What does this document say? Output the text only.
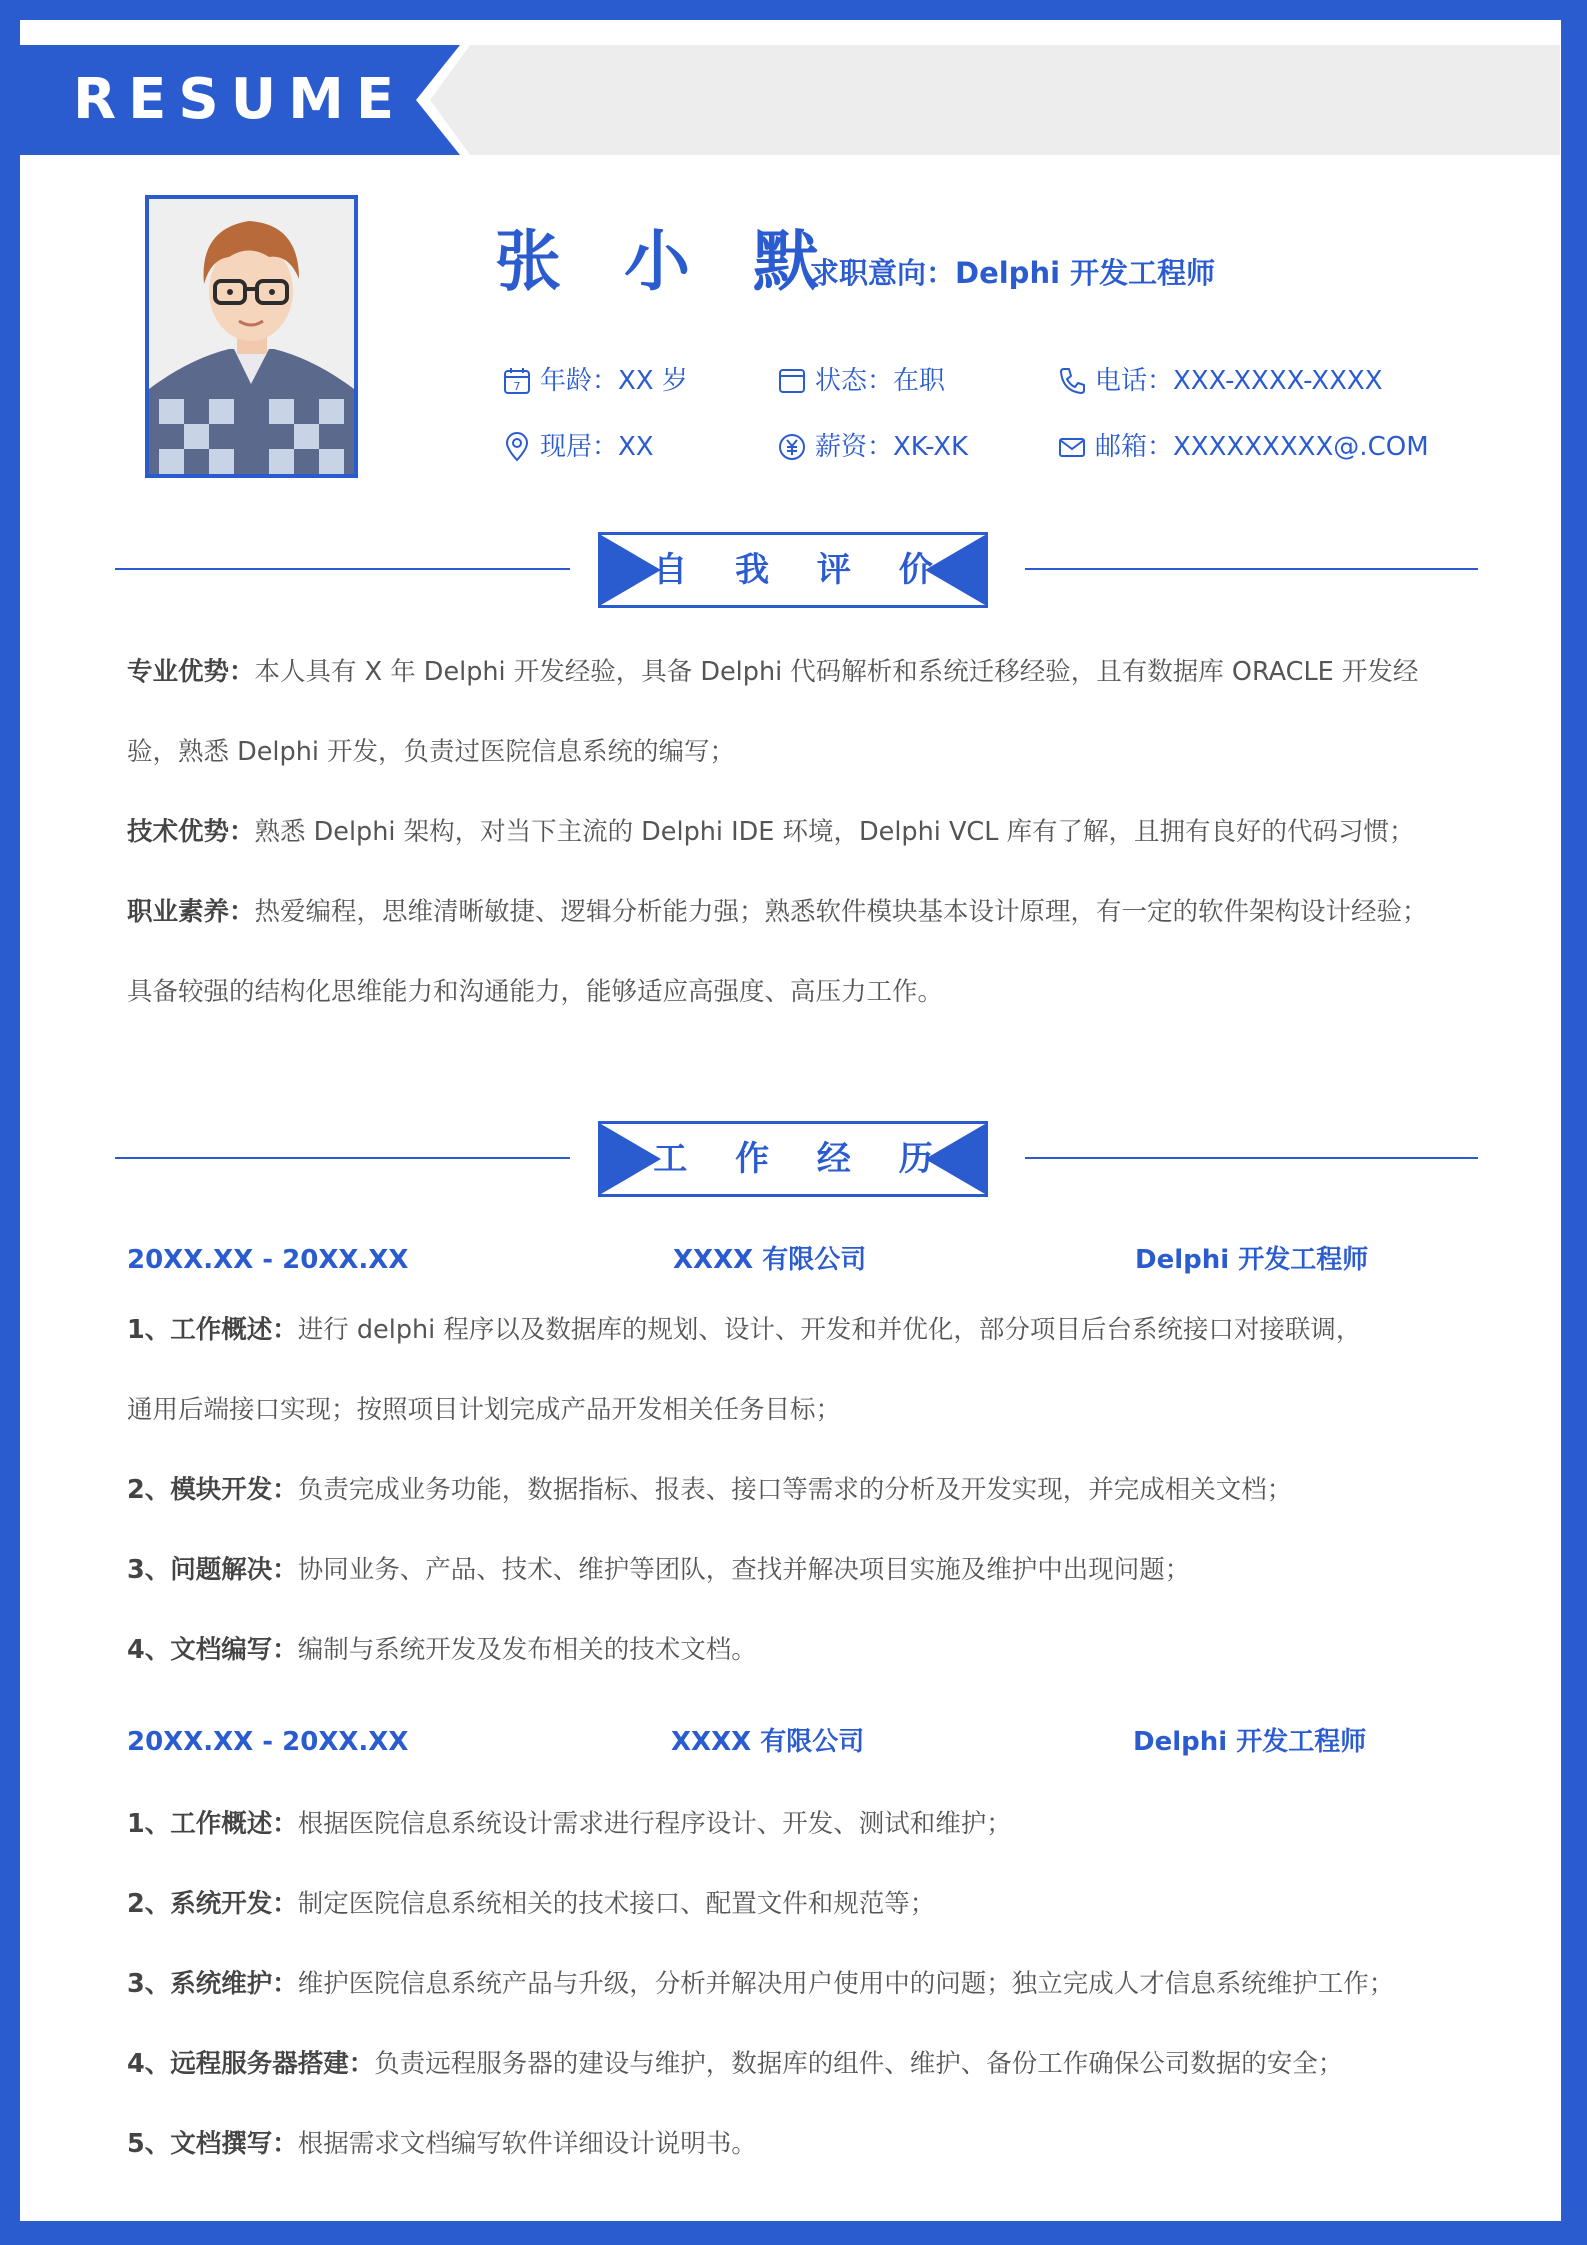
RESUME
张 小 默
求职意向：Delphi 开发工程师
7 年龄：XX 岁	状态：在职	电话：XXX-XXXX-XXXX
现居：XX	薪资：XK-XK	邮箱：XXXXXXXXX@.COM
自 我 评 价
专业优势：本人具有 X 年 Delphi 开发经验，具备 Delphi 代码解析和系统迁移经验，且有数据库 ORACLE 开发经
验，熟悉 Delphi 开发，负责过医院信息系统的编写；
技术优势：熟悉 Delphi 架构，对当下主流的 Delphi IDE 环境，Delphi VCL 库有了解，且拥有良好的代码习惯；
职业素养：热爱编程，思维清晰敏捷、逻辑分析能力强；熟悉软件模块基本设计原理，有一定的软件架构设计经验；
具备较强的结构化思维能力和沟通能力，能够适应高强度、高压力工作。
工 作 经 历
20XX.XX - 20XX.XX	XXXX 有限公司	Delphi 开发工程师
1、工作概述：进行 delphi 程序以及数据库的规划、设计、开发和并优化，部分项目后台系统接口对接联调，
通用后端接口实现；按照项目计划完成产品开发相关任务目标；
2、模块开发：负责完成业务功能，数据指标、报表、接口等需求的分析及开发实现，并完成相关文档；
3、问题解决：协同业务、产品、技术、维护等团队，查找并解决项目实施及维护中出现问题；
4、文档编写：编制与系统开发及发布相关的技术文档。
20XX.XX - 20XX.XX	XXXX 有限公司	Delphi 开发工程师
1、工作概述：根据医院信息系统设计需求进行程序设计、开发、测试和维护；
2、系统开发：制定医院信息系统相关的技术接口、配置文件和规范等；
3、系统维护：维护医院信息系统产品与升级，分析并解决用户使用中的问题；独立完成人才信息系统维护工作；
4、远程服务器搭建：负责远程服务器的建设与维护，数据库的组件、维护、备份工作确保公司数据的安全；
5、文档撰写：根据需求文档编写软件详细设计说明书。
